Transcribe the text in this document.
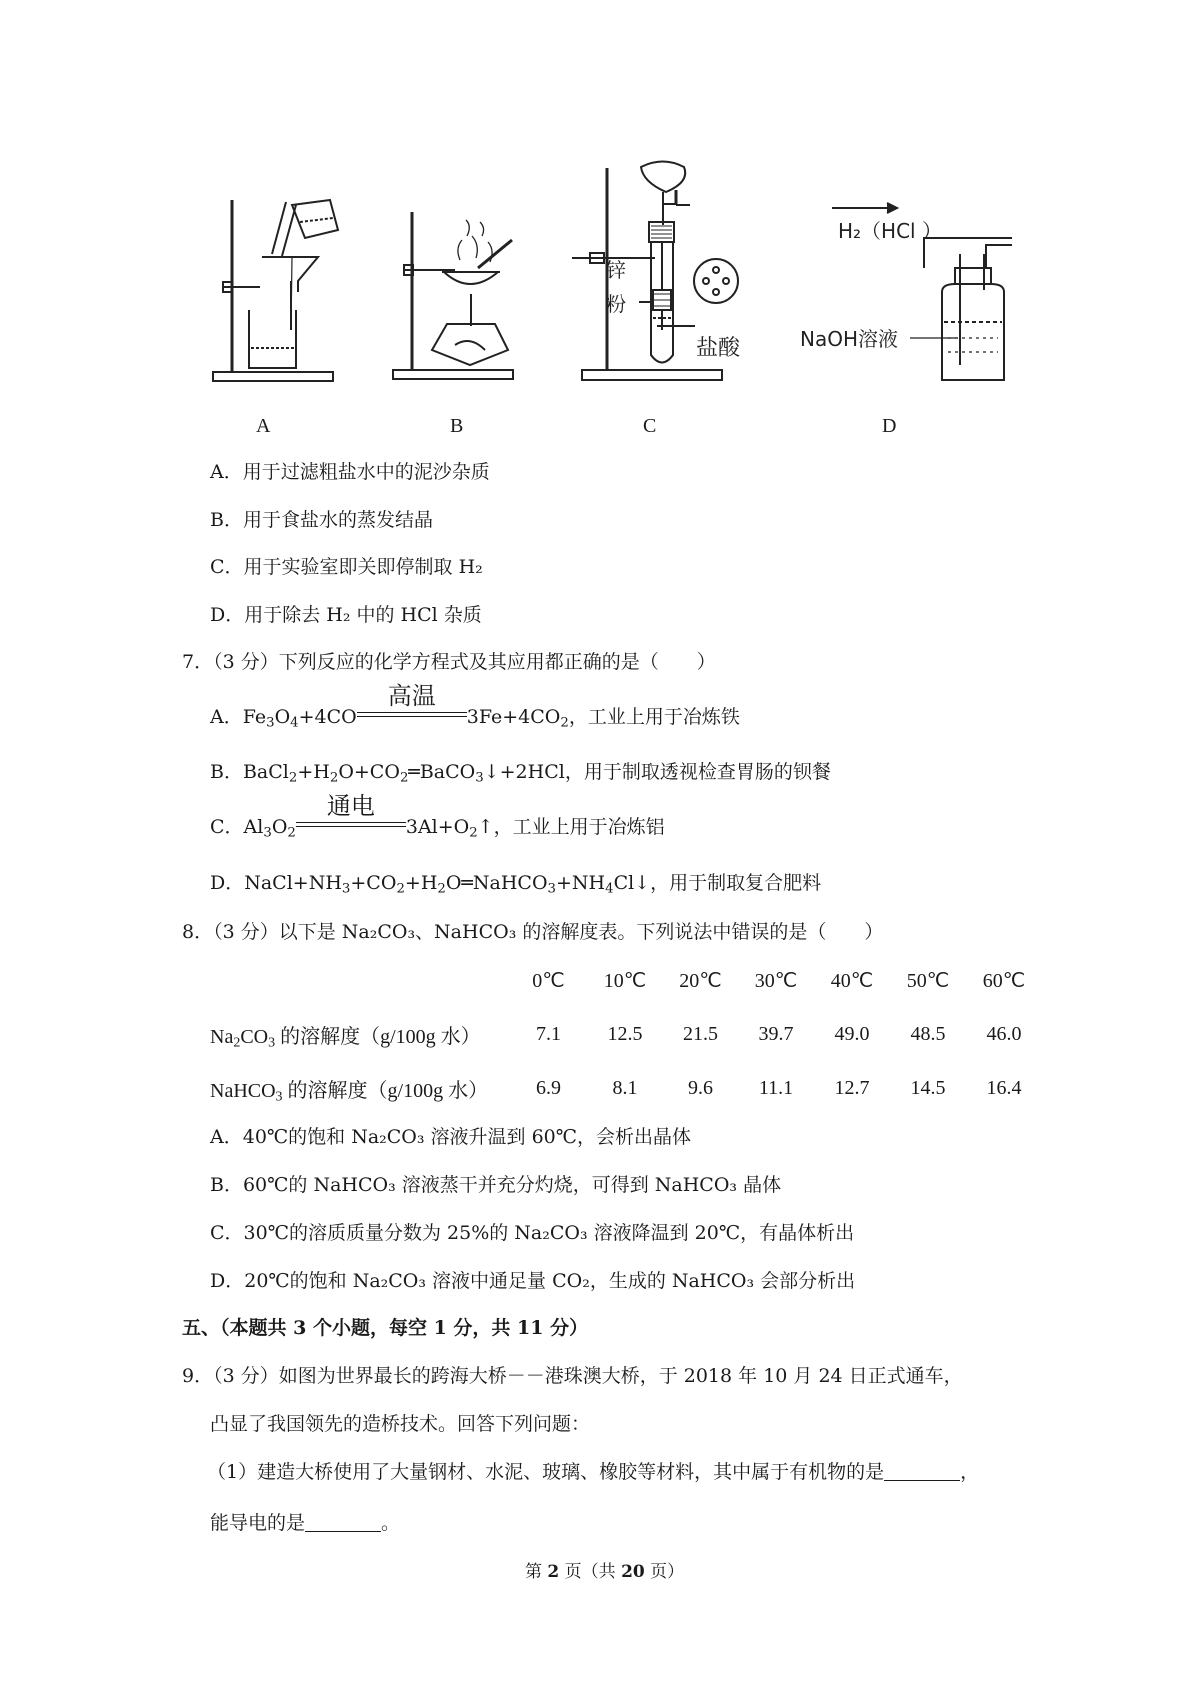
锌
粉
盐酸
H₂（HCl ）
NaOH溶液
A	B	C	D
A．用于过滤粗盐水中的泥沙杂质
B．用于食盐水的蒸发结晶
C．用于实验室即关即停制取 H₂
D．用于除去 H₂ 中的 HCl 杂质
7．（3 分）下列反应的化学方程式及其应用都正确的是（　　）
A．$Fe_3O_4+4CO$
高温
$3Fe+4CO_2$，工业上用于冶炼铁
B．$BaCl_2+H_2O+CO_2═BaCO_3↓+2HCl$，用于制取透视检查胃肠的钡餐
C．$Al_3O_2$
通电
$3Al+O_2↑$，工业上用于冶炼铝
D．$NaCl+NH_3+CO_2+H_2O═NaHCO_3+NH_4Cl↓$，用于制取复合肥料
8．（3 分）以下是 Na₂CO₃、NaHCO₃ 的溶解度表。下列说法中错误的是（　　）
	0℃	10℃	20℃	30℃	40℃	50℃	60℃
$Na_2CO_3$ 的溶解度（g/100g 水）	7.1	12.5	21.5	39.7	49.0	48.5	46.0
NaHCO$_3$ 的溶解度（g/100g 水）	6.9	8.1	9.6	11.1	12.7	14.5	16.4
A．40℃的饱和 Na₂CO₃ 溶液升温到 60℃，会析出晶体
B．60℃的 NaHCO₃ 溶液蒸干并充分灼烧，可得到 NaHCO₃ 晶体
C．30℃的溶质质量分数为 25%的 Na₂CO₃ 溶液降温到 20℃，有晶体析出
D．20℃的饱和 Na₂CO₃ 溶液中通足量 CO₂，生成的 NaHCO₃ 会部分析出
五、（本题共 3 个小题，每空 1 分，共 11 分）
9．（3 分）如图为世界最长的跨海大桥－－港珠澳大桥，于 2018 年 10 月 24 日正式通车，
凸显了我国领先的造桥技术。回答下列问题：
（1）建造大桥使用了大量钢材、水泥、玻璃、橡胶等材料，其中属于有机物的是	，
能导电的是	。
第 2 页（共 20 页）
